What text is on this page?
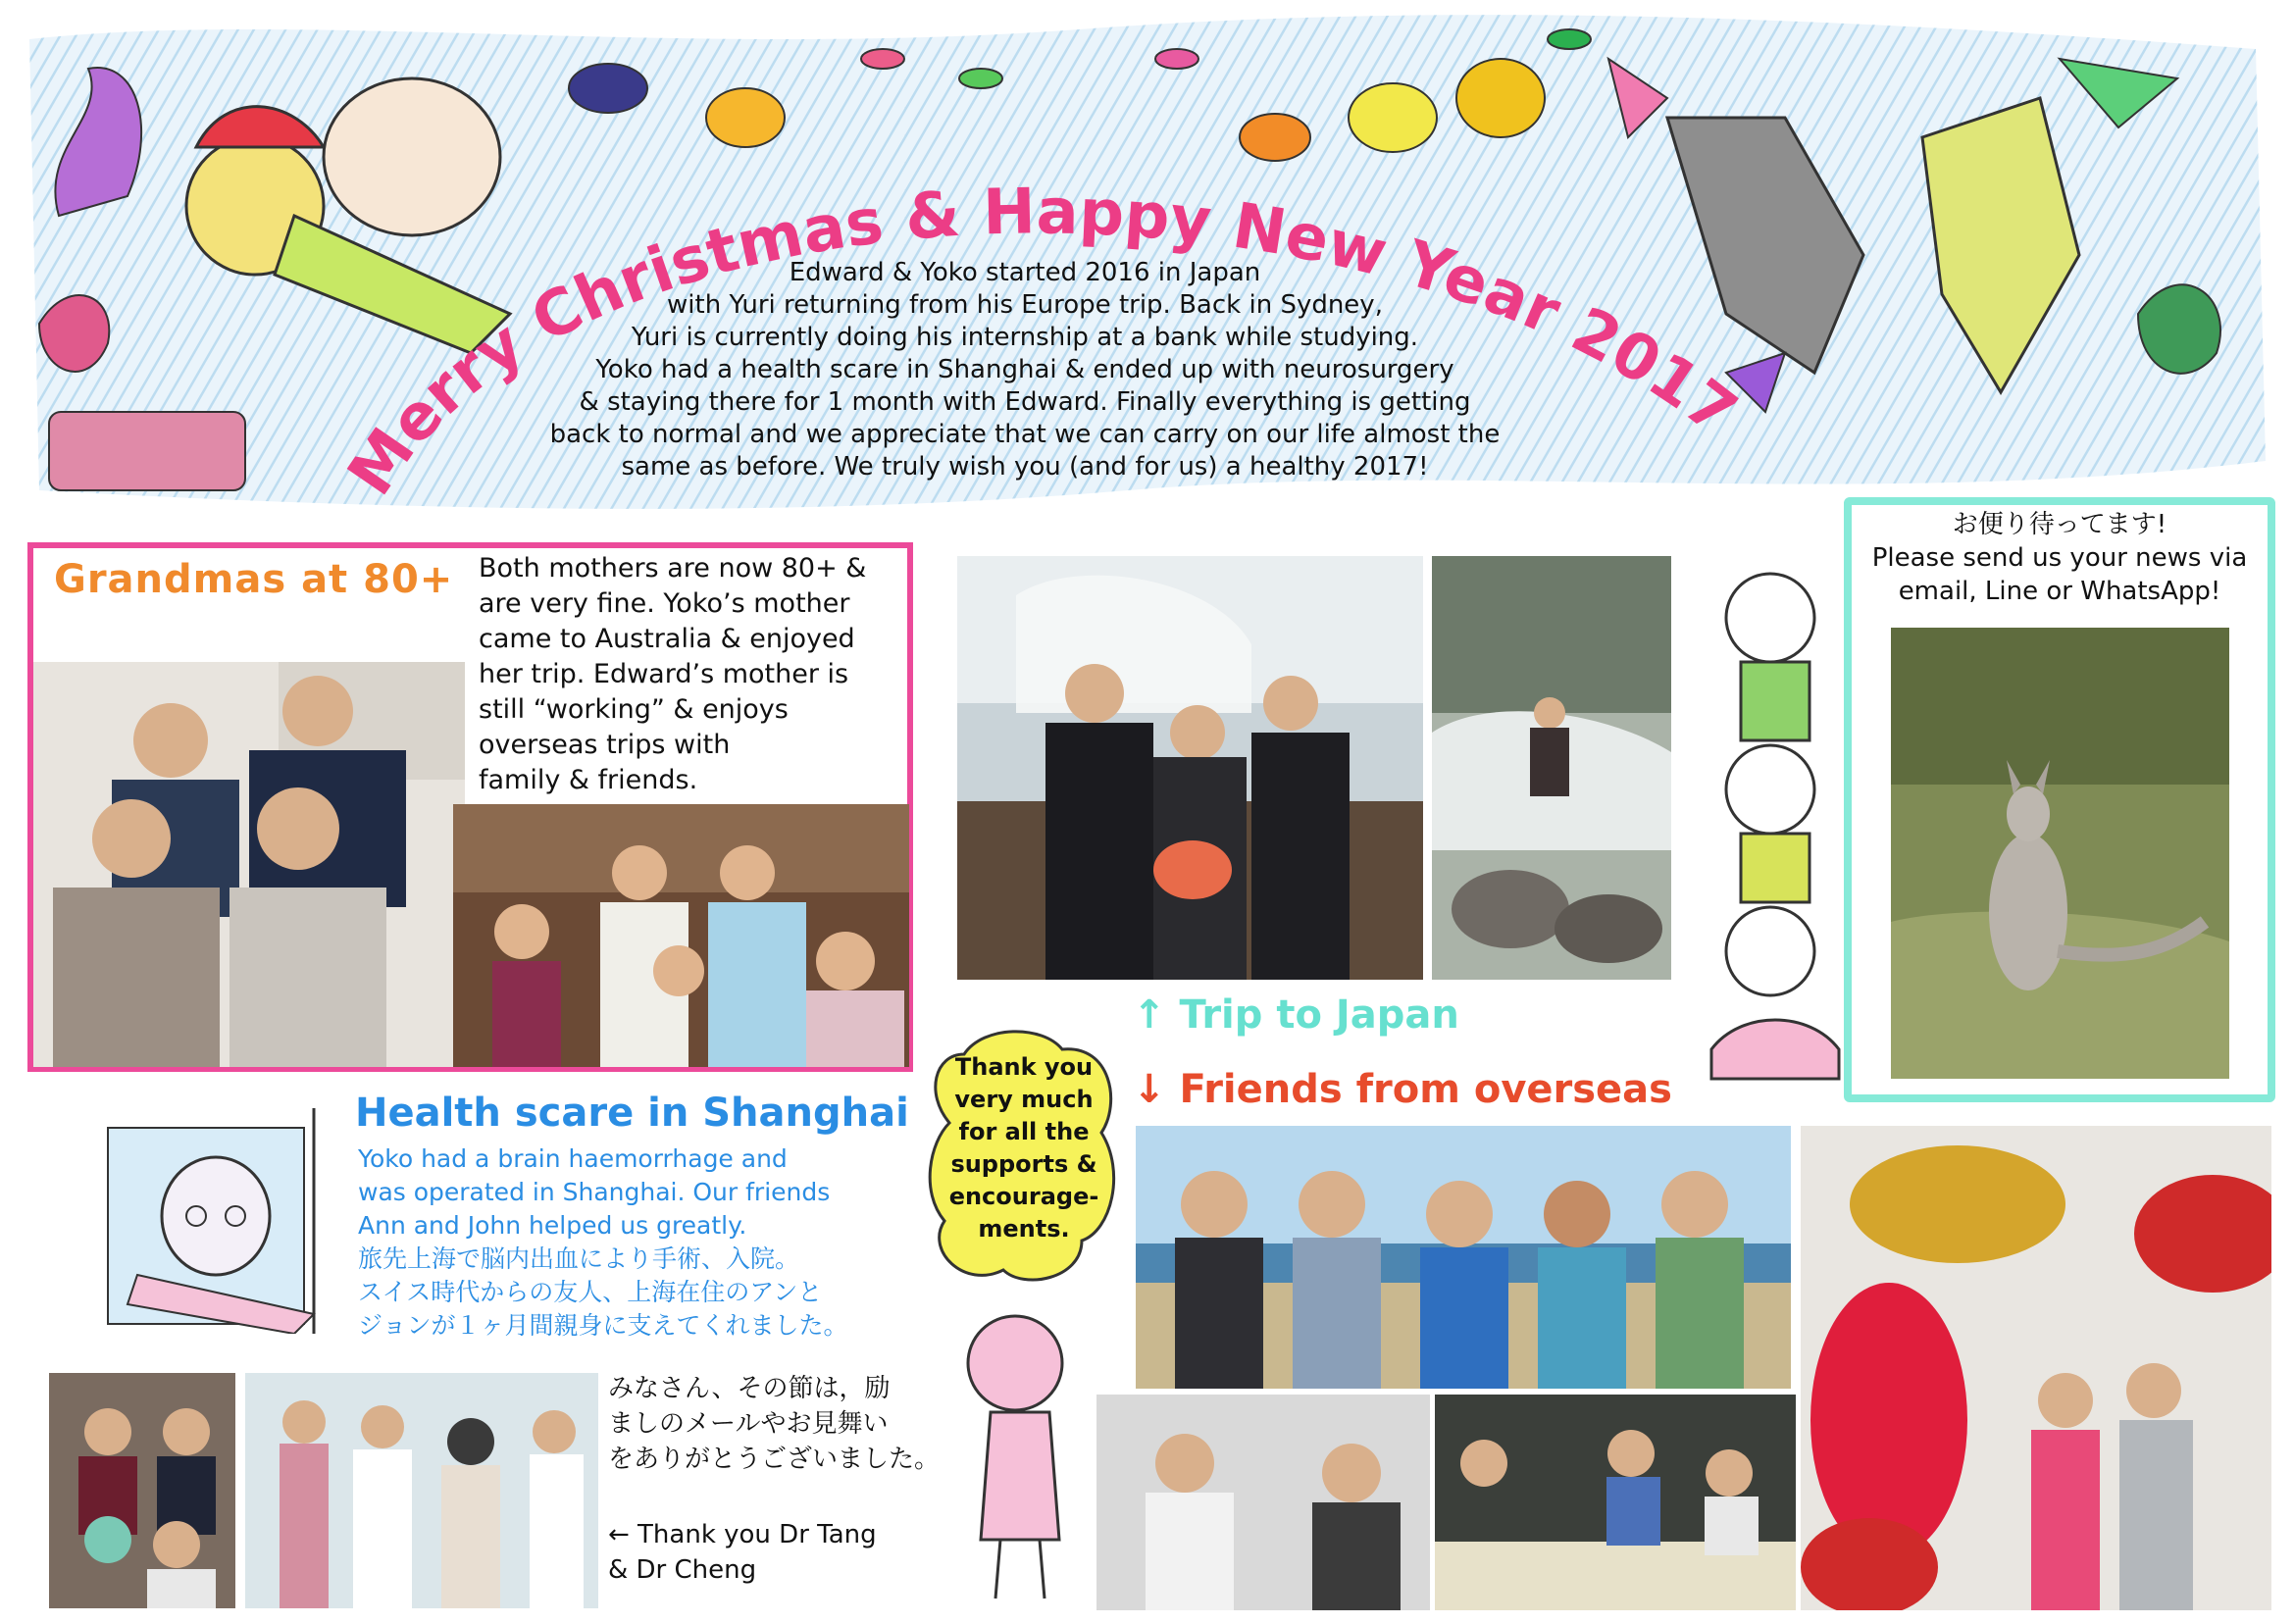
Merry Christmas & Happy New Year 2017
Edward & Yoko started 2016 in Japan
with Yuri returning from his Europe trip. Back in Sydney,
Yuri is currently doing his internship at a bank while studying.
Yoko had a health scare in Shanghai & ended up with neurosurgery
& staying there for 1 month with Edward. Finally everything is getting
back to normal and we appreciate that we can carry on our life almost the
same as before. We truly wish you (and for us) a healthy 2017!
Grandmas at 80+ Both mothers are now 80+ &
are very fine. Yoko’s mother
came to Australia & enjoyed
her trip. Edward’s mother is
still “working” & enjoys
overseas trips with
family & friends.
↑ Trip to Japan
↓ Friends from overseas
Health scare in Shanghai
Yoko had a brain haemorrhage and
was operated in Shanghai. Our friends
Ann and John helped us greatly.
旅先上海で脳内出血により手術、入院。
スイス時代からの友人、上海在住のアンと
ジョンが１ヶ月間親身に支えてくれました。
みなさん、その節は，励
ましのメールやお見舞い
をありがとうございました。
← Thank you Dr Tang
& Dr Cheng
Thank you
very much
for all the
supports &
encourage-
ments.
お便り待ってます!
Please send us your news via
email, Line or WhatsApp!
